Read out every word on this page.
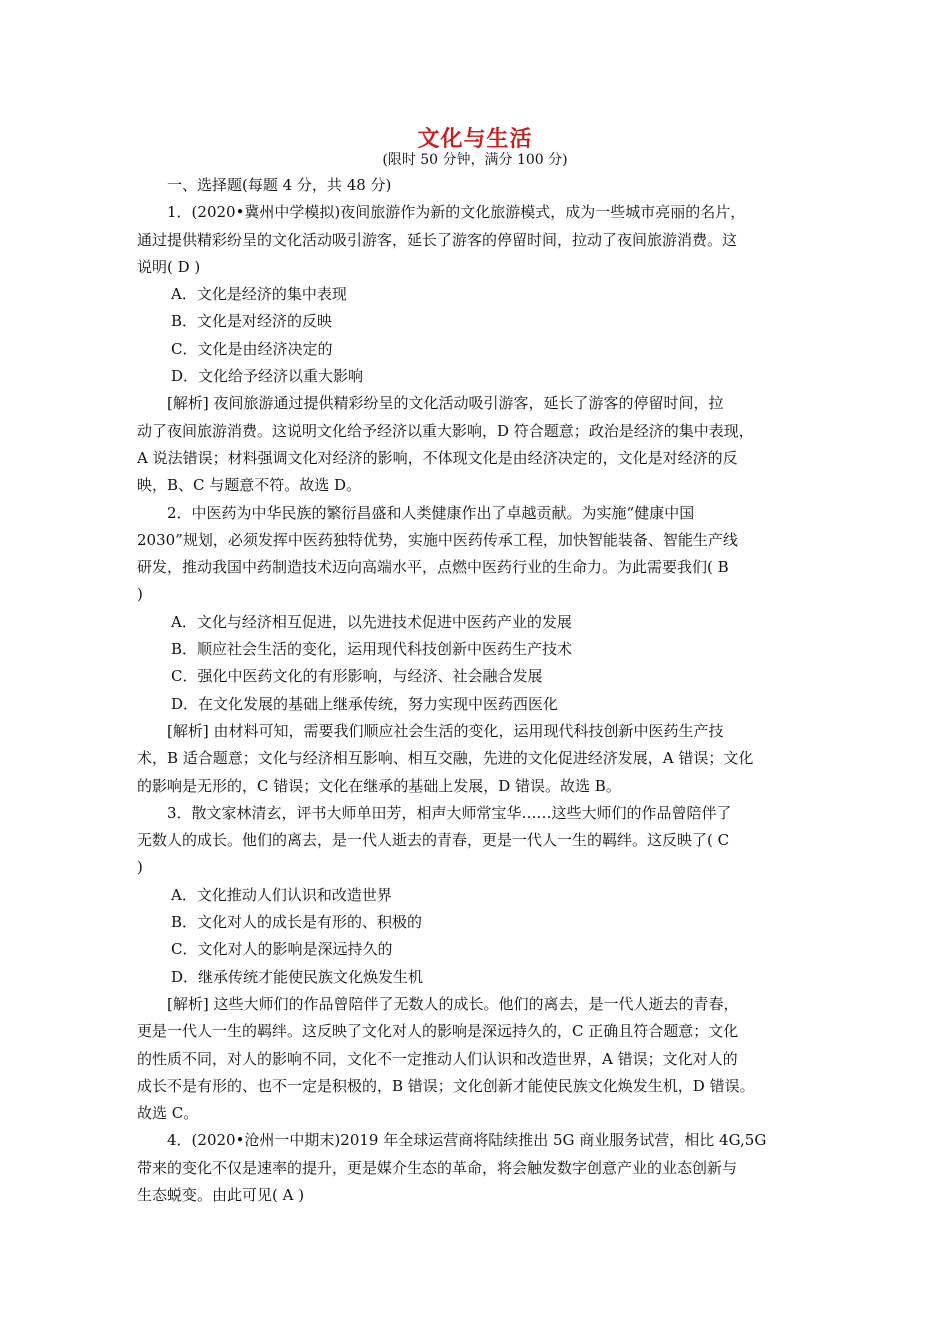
文化与生活
(限时 50 分钟，满分 100 分)

一、选择题(每题 4 分，共 48 分)

1．(2020•冀州中学模拟)夜间旅游作为新的文化旅游模式，成为一些城市亮丽的名片，

通过提供精彩纷呈的文化活动吸引游客，延长了游客的停留时间，拉动了夜间旅游消费。这

说明( D )

A．文化是经济的集中表现

B．文化是对经济的反映

C．文化是由经济决定的

D．文化给予经济以重大影响

[解析] 夜间旅游通过提供精彩纷呈的文化活动吸引游客，延长了游客的停留时间，拉

动了夜间旅游消费。这说明文化给予经济以重大影响，D 符合题意；政治是经济的集中表现，

A 说法错误；材料强调文化对经济的影响，不体现文化是由经济决定的，文化是对经济的反

映，B、C 与题意不符。故选 D。

2．中医药为中华民族的繁衍昌盛和人类健康作出了卓越贡献。为实施“健康中国

2030”规划，必须发挥中医药独特优势，实施中医药传承工程，加快智能装备、智能生产线

研发，推动我国中药制造技术迈向高端水平，点燃中医药行业的生命力。为此需要我们( B

)

A．文化与经济相互促进，以先进技术促进中医药产业的发展

B．顺应社会生活的变化，运用现代科技创新中医药生产技术

C．强化中医药文化的有形影响，与经济、社会融合发展

D．在文化发展的基础上继承传统，努力实现中医药西医化

[解析] 由材料可知，需要我们顺应社会生活的变化，运用现代科技创新中医药生产技

术，B 适合题意；文化与经济相互影响、相互交融，先进的文化促进经济发展，A 错误；文化

的影响是无形的，C 错误；文化在继承的基础上发展，D 错误。故选 B。

3．散文家林清玄，评书大师单田芳，相声大师常宝华……这些大师们的作品曾陪伴了

无数人的成长。他们的离去，是一代人逝去的青春，更是一代人一生的羁绊。这反映了( C

)

A．文化推动人们认识和改造世界

B．文化对人的成长是有形的、积极的

C．文化对人的影响是深远持久的

D．继承传统才能使民族文化焕发生机

[解析] 这些大师们的作品曾陪伴了无数人的成长。他们的离去，是一代人逝去的青春，

更是一代人一生的羁绊。这反映了文化对人的影响是深远持久的，C 正确且符合题意；文化

的性质不同，对人的影响不同，文化不一定推动人们认识和改造世界，A 错误；文化对人的

成长不是有形的、也不一定是积极的，B 错误；文化创新才能使民族文化焕发生机，D 错误。

故选 C。

4．(2020•沧州一中期末)2019 年全球运营商将陆续推出 5G 商业服务试营，相比 4G,5G

带来的变化不仅是速率的提升，更是媒介生态的革命，将会触发数字创意产业的业态创新与

生态蜕变。由此可见( A )
